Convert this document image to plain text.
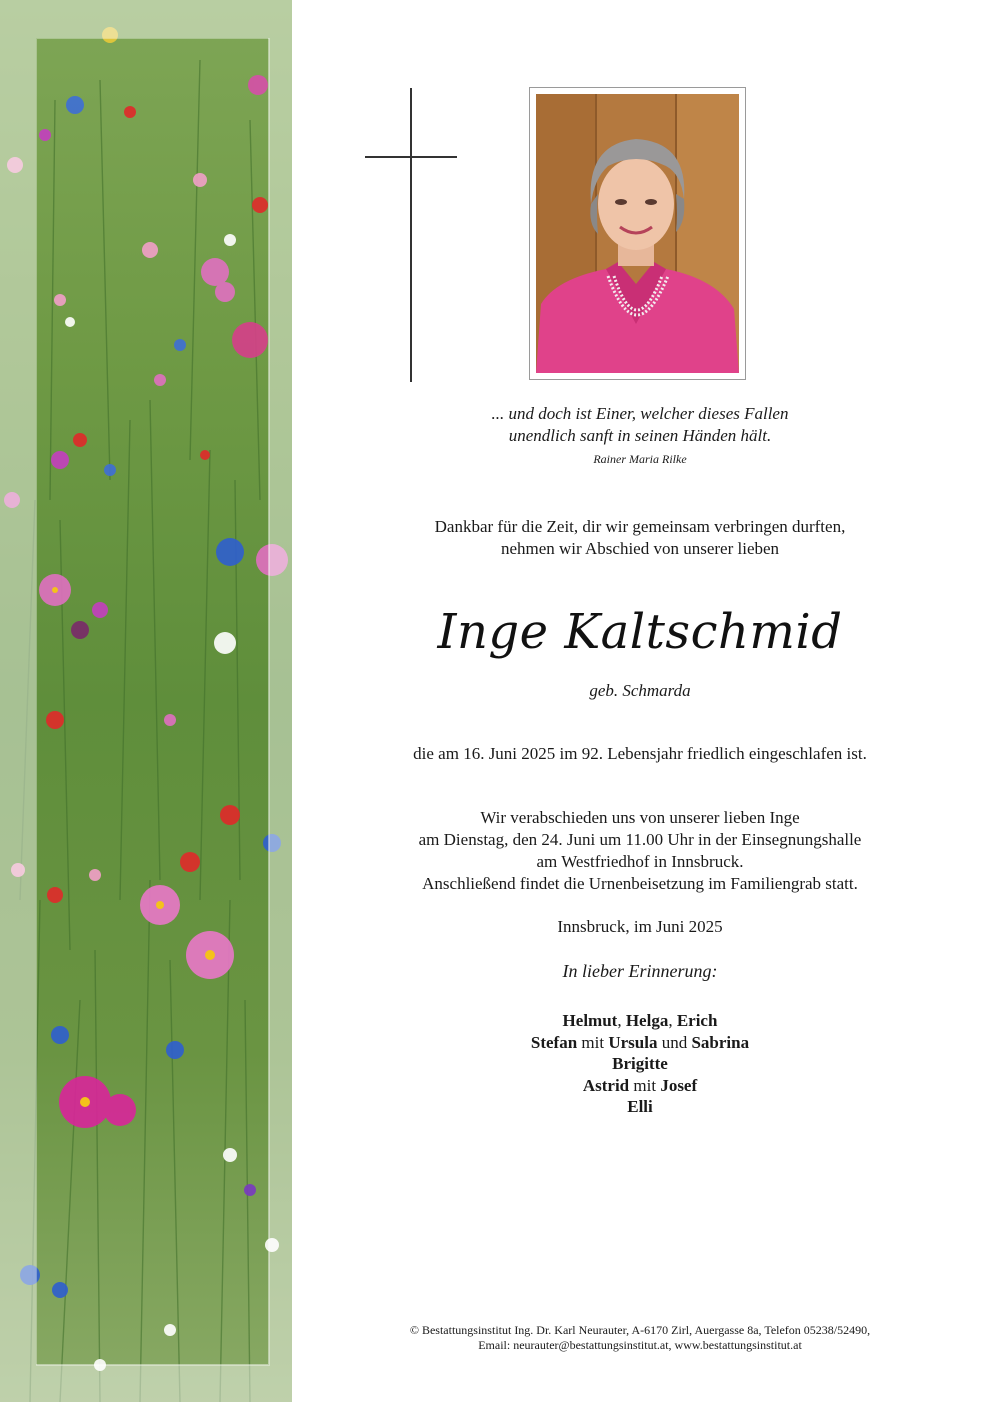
... und doch ist Einer, welcher dieses Fallen
unendlich sanft in seinen Händen hält.
Rainer Maria Rilke
Dankbar für die Zeit, dir wir gemeinsam verbringen durften,
nehmen wir Abschied von unserer lieben
Inge Kaltschmid
geb. Schmarda
die am 16. Juni 2025 im 92. Lebensjahr friedlich eingeschlafen ist.
Wir verabschieden uns von unserer lieben Inge
am Dienstag, den 24. Juni um 11.00 Uhr in der Einsegnungshalle
am Westfriedhof in Innsbruck.
Anschließend findet die Urnenbeisetzung im Familiengrab statt.
Innsbruck, im Juni 2025
In lieber Erinnerung:
Helmut, Helga, Erich
Stefan mit Ursula und Sabrina
Brigitte
Astrid mit Josef
Elli
© Bestattungsinstitut Ing. Dr. Karl Neurauter, A-6170 Zirl, Auergasse 8a, Telefon 05238/52490,
Email: neurauter@bestattungsinstitut.at, www.bestattungsinstitut.at
